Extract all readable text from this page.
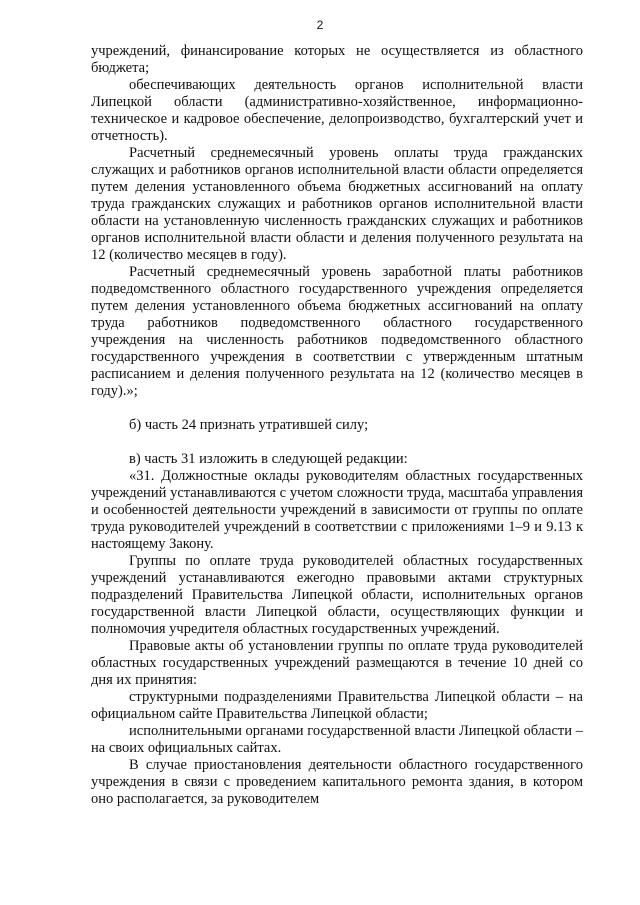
2

учреждений, финансирование которых не осуществляется из областного бюджета;

обеспечивающих деятельность органов исполнительной власти Липецкой области (административно-хозяйственное, информационно-техническое и кадровое обеспечение, делопроизводство, бухгалтерский учет и отчетность).

Расчетный среднемесячный уровень оплаты труда гражданских служащих и работников органов исполнительной власти области определяется путем деления установленного объема бюджетных ассигнований на оплату труда гражданских служащих и работников органов исполнительной власти области на установленную численность гражданских служащих и работников органов исполнительной власти области и деления полученного результата на 12 (количество месяцев в году).

Расчетный среднемесячный уровень заработной платы работников подведомственного областного государственного учреждения определяется путем деления установленного объема бюджетных ассигнований на оплату труда работников подведомственного областного государственного учреждения на численность работников подведомственного областного государственного учреждения в соответствии с утвержденным штатным расписанием и деления полученного результата на 12 (количество месяцев в году).»;

б) часть 24 признать утратившей силу;

в) часть 31 изложить в следующей редакции:

«31. Должностные оклады руководителям областных государственных учреждений устанавливаются с учетом сложности труда, масштаба управления и особенностей деятельности учреждений в зависимости от группы по оплате труда руководителей учреждений в соответствии с приложениями 1–9 и 9.13 к настоящему Закону.

Группы по оплате труда руководителей областных государственных учреждений устанавливаются ежегодно правовыми актами структурных подразделений Правительства Липецкой области, исполнительных органов государственной власти Липецкой области, осуществляющих функции и полномочия учредителя областных государственных учреждений.

Правовые акты об установлении группы по оплате труда руководителей областных государственных учреждений размещаются в течение 10 дней со дня их принятия:

структурными подразделениями Правительства Липецкой области – на официальном сайте Правительства Липецкой области;

исполнительными органами государственной власти Липецкой области – на своих официальных сайтах.

В случае приостановления деятельности областного государственного учреждения в связи с проведением капитального ремонта здания, в котором оно располагается, за руководителем
